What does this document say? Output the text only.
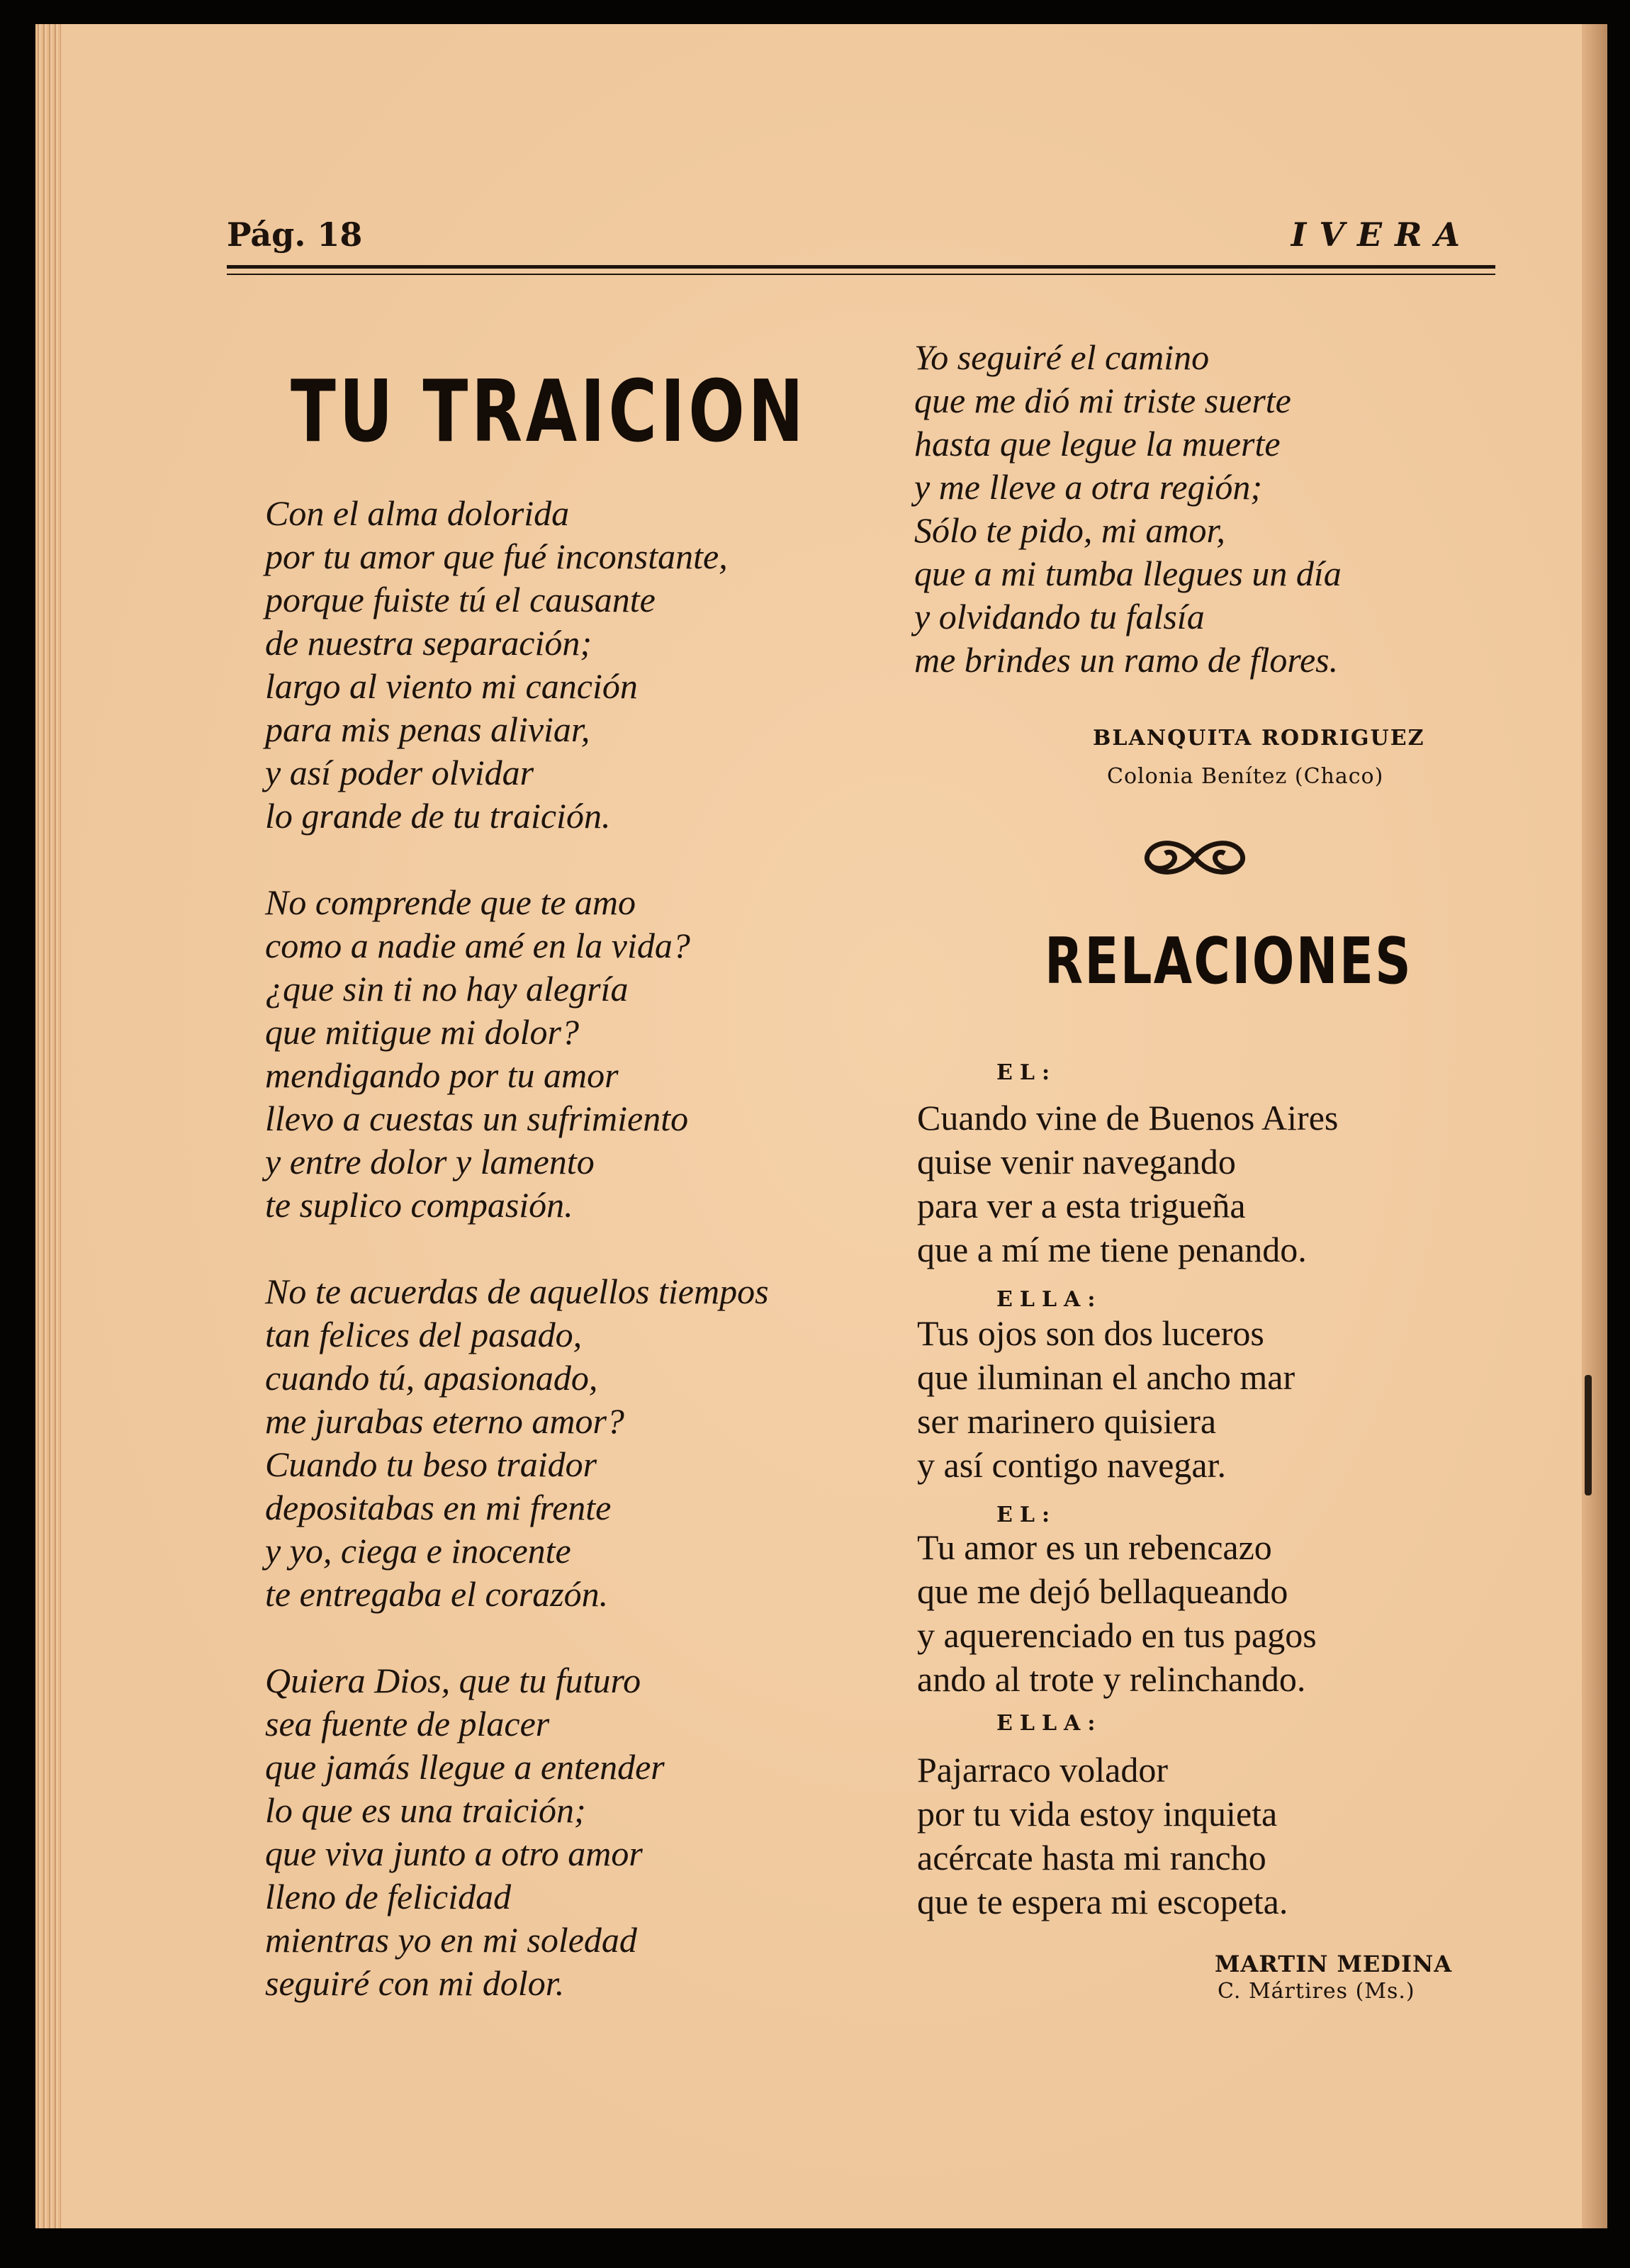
Pág. 18	IVERA
TU TRAICION
Con el alma dolorida
por tu amor que fué inconstante,
porque fuiste tú el causante
de nuestra separación;
largo al viento mi canción
para mis penas aliviar,
y así poder olvidar
lo grande de tu traición.
No comprende que te amo
como a nadie amé en la vida?
¿que sin ti no hay alegría
que mitigue mi dolor?
mendigando por tu amor
llevo a cuestas un sufrimiento
y entre dolor y lamento
te suplico compasión.
No te acuerdas de aquellos tiempos
tan felices del pasado,
cuando tú, apasionado,
me jurabas eterno amor?
Cuando tu beso traidor
depositabas en mi frente
y yo, ciega e inocente
te entregaba el corazón.
Quiera Dios, que tu futuro
sea fuente de placer
que jamás llegue a entender
lo que es una traición;
que viva junto a otro amor
lleno de felicidad
mientras yo en mi soledad
seguiré con mi dolor.
Yo seguiré el camino
que me dió mi triste suerte
hasta que legue la muerte
y me lleve a otra región;
Sólo te pido, mi amor,
que a mi tumba llegues un día
y olvidando tu falsía
me brindes un ramo de flores.
BLANQUITA RODRIGUEZ
Colonia Benítez (Chaco)
RELACIONES
EL:
Cuando vine de Buenos Aires
quise venir navegando
para ver a esta trigueña
que a mí me tiene penando.
ELLA:
Tus ojos son dos luceros
que iluminan el ancho mar
ser marinero quisiera
y así contigo navegar.
EL:
Tu amor es un rebencazo
que me dejó bellaqueando
y aquerenciado en tus pagos
ando al trote y relinchando.
ELLA:
Pajarraco volador
por tu vida estoy inquieta
acércate hasta mi rancho
que te espera mi escopeta.
MARTIN MEDINA
C. Mártires (Ms.)
